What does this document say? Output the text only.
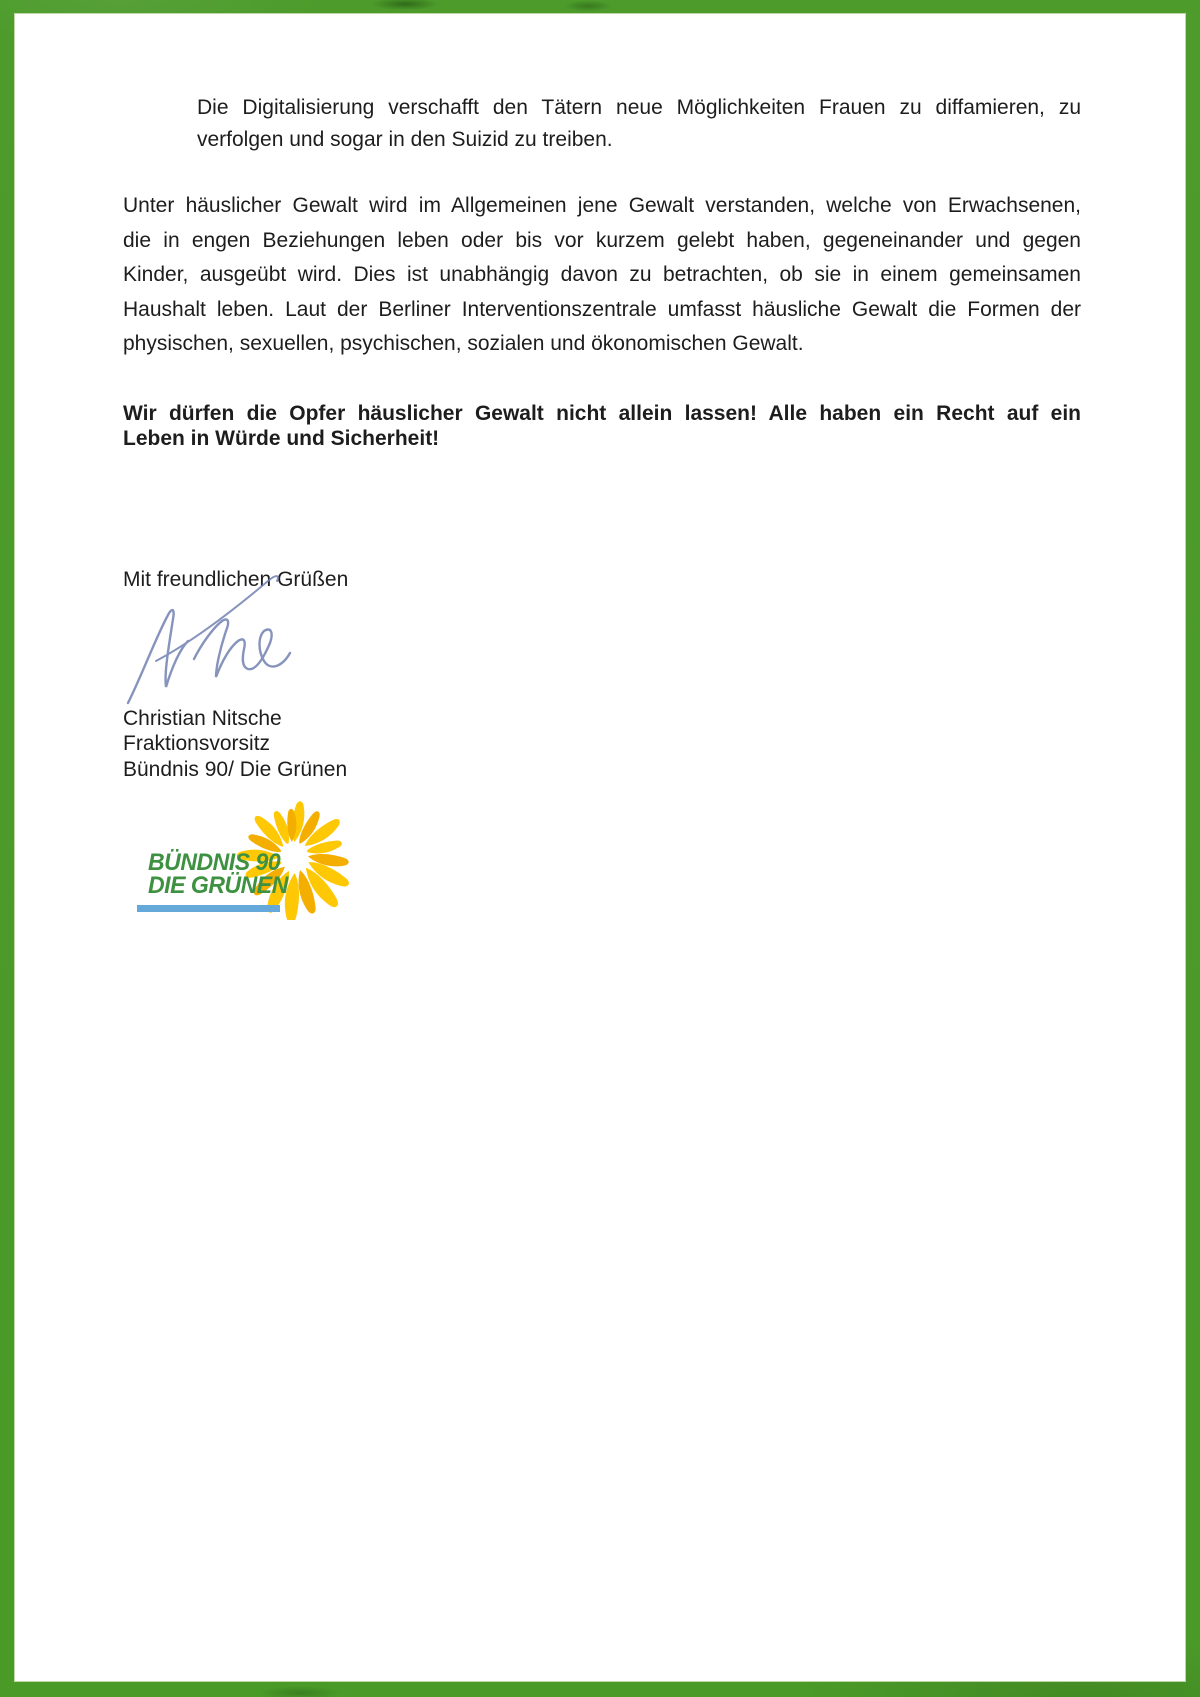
Die Digitalisierung verschafft den Tätern neue Möglichkeiten Frauen zu diffamieren, zu
verfolgen und sogar in den Suizid zu treiben.
Unter häuslicher Gewalt wird im Allgemeinen jene Gewalt verstanden, welche von Erwachsenen,
die in engen Beziehungen leben oder bis vor kurzem gelebt haben, gegeneinander und gegen
Kinder, ausgeübt wird. Dies ist unabhängig davon zu betrachten, ob sie in einem gemeinsamen
Haushalt leben. Laut der Berliner Interventionszentrale umfasst häusliche Gewalt die Formen der
physischen, sexuellen, psychischen, sozialen und ökonomischen Gewalt.
Wir dürfen die Opfer häuslicher Gewalt nicht allein lassen! Alle haben ein Recht auf ein
Leben in Würde und Sicherheit!
Mit freundlichen Grüßen
Christian Nitsche
Fraktionsvorsitz
Bündnis 90/ Die Grünen
BÜNDNIS 90
DIE GRÜNEN
